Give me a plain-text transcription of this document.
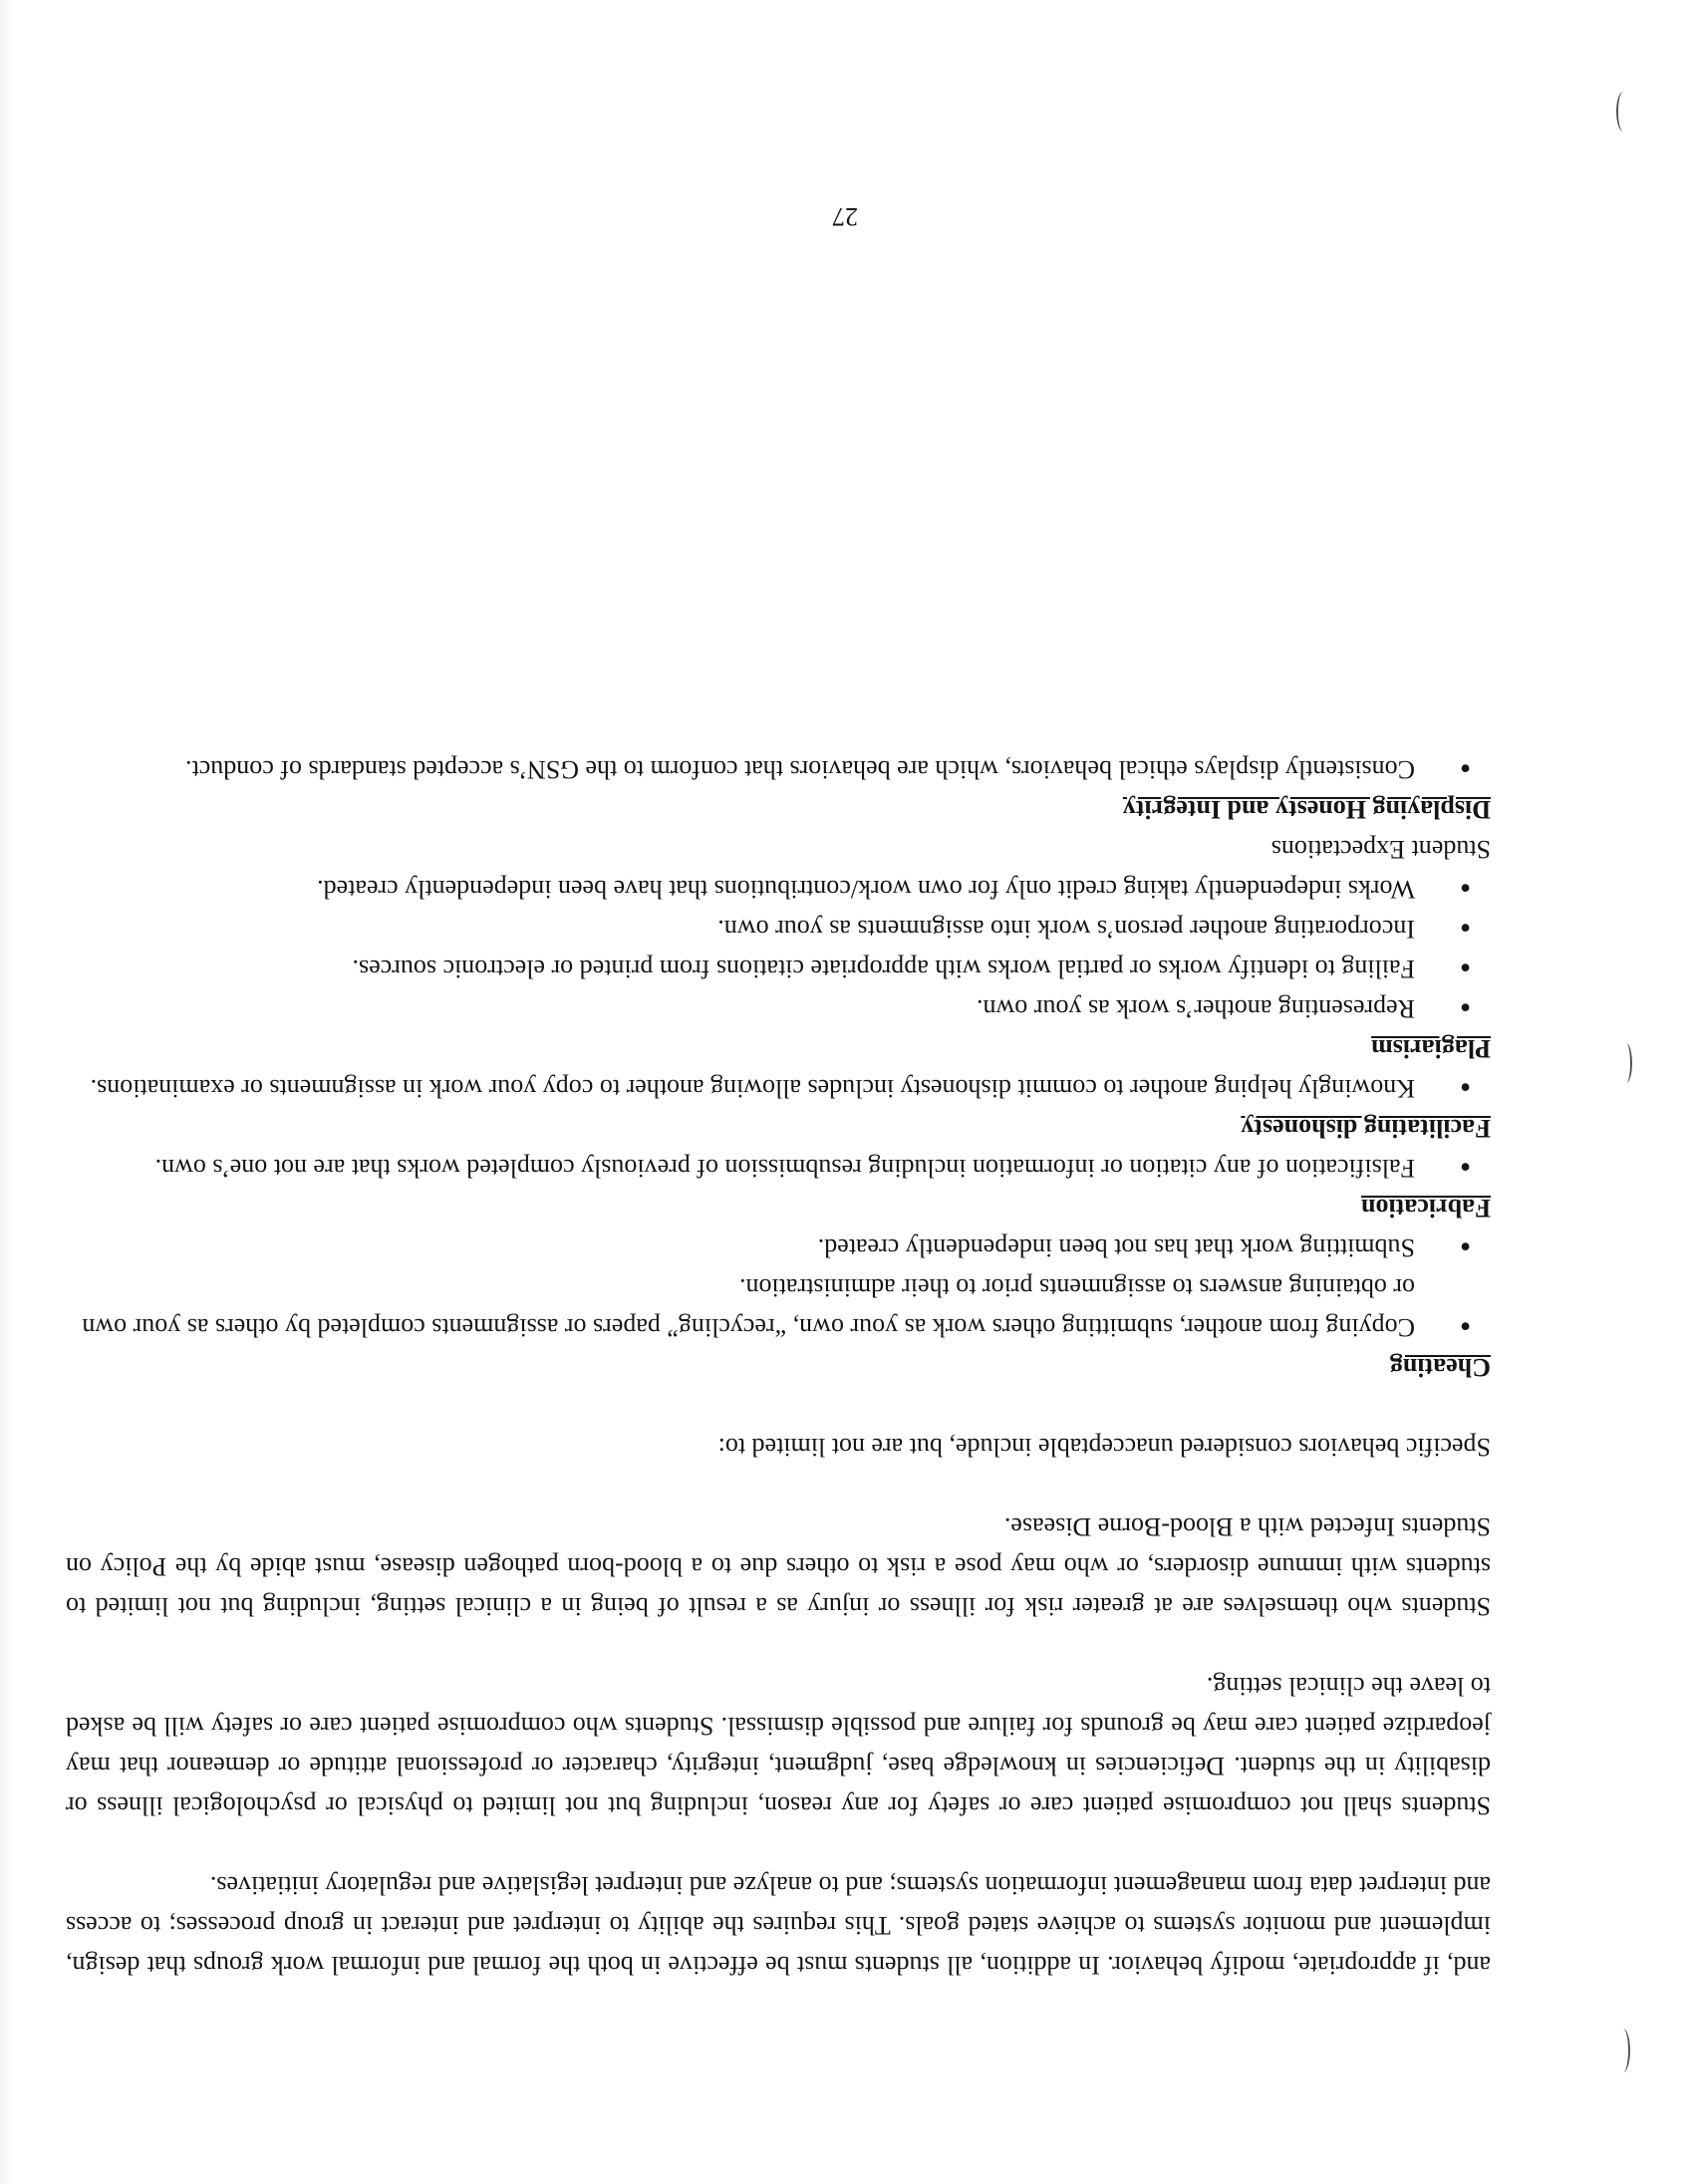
and, if appropriate, modify behavior. In addition, all students must be effective in both the formal and informal work groups that design, implement and monitor systems to achieve stated goals. This requires the ability to interpret and interact in group processes; to access and interpret data from management information systems; and to analyze and interpret legislative and regulatory initiatives.

Students shall not compromise patient care or safety for any reason, including but not limited to physical or psychological illness or disability in the student. Deficiencies in knowledge base, judgment, integrity, character or professional attitude or demeanor that may jeopardize patient care may be grounds for failure and possible dismissal. Students who compromise patient care or safety will be asked to leave the clinical setting.

Students who themselves are at greater risk for illness or injury as a result of being in a clinical setting, including but not limited to students with immune disorders, or who may pose a risk to others due to a blood-born pathogen disease, must abide by the Policy on Students Infected with a Blood-Borne Disease.

Specific behaviors considered unacceptable include, but are not limited to:

Cheating

● Copying from another, submitting others work as your own, “recycling” papers or assignments completed by others as your own or obtaining answers to assignments prior to their administration.
● Submitting work that has not been independently created.

Fabrication

● Falsification of any citation or information including resubmission of previously completed works that are not one’s own.

Facilitating dishonesty

● Knowingly helping another to commit dishonesty includes allowing another to copy your work in assignments or examinations.

Plagiarism

● Representing another’s work as your own.
● Failing to identify works or partial works with appropriate citations from printed or electronic sources.
● Incorporating another person’s work into assignments as your own.
● Works independently taking credit only for own work/contributions that have been independently created.

Student Expectations

Displaying Honesty and Integrity

● Consistently displays ethical behaviors, which are behaviors that conform to the GSN’s accepted standards of conduct.
27
